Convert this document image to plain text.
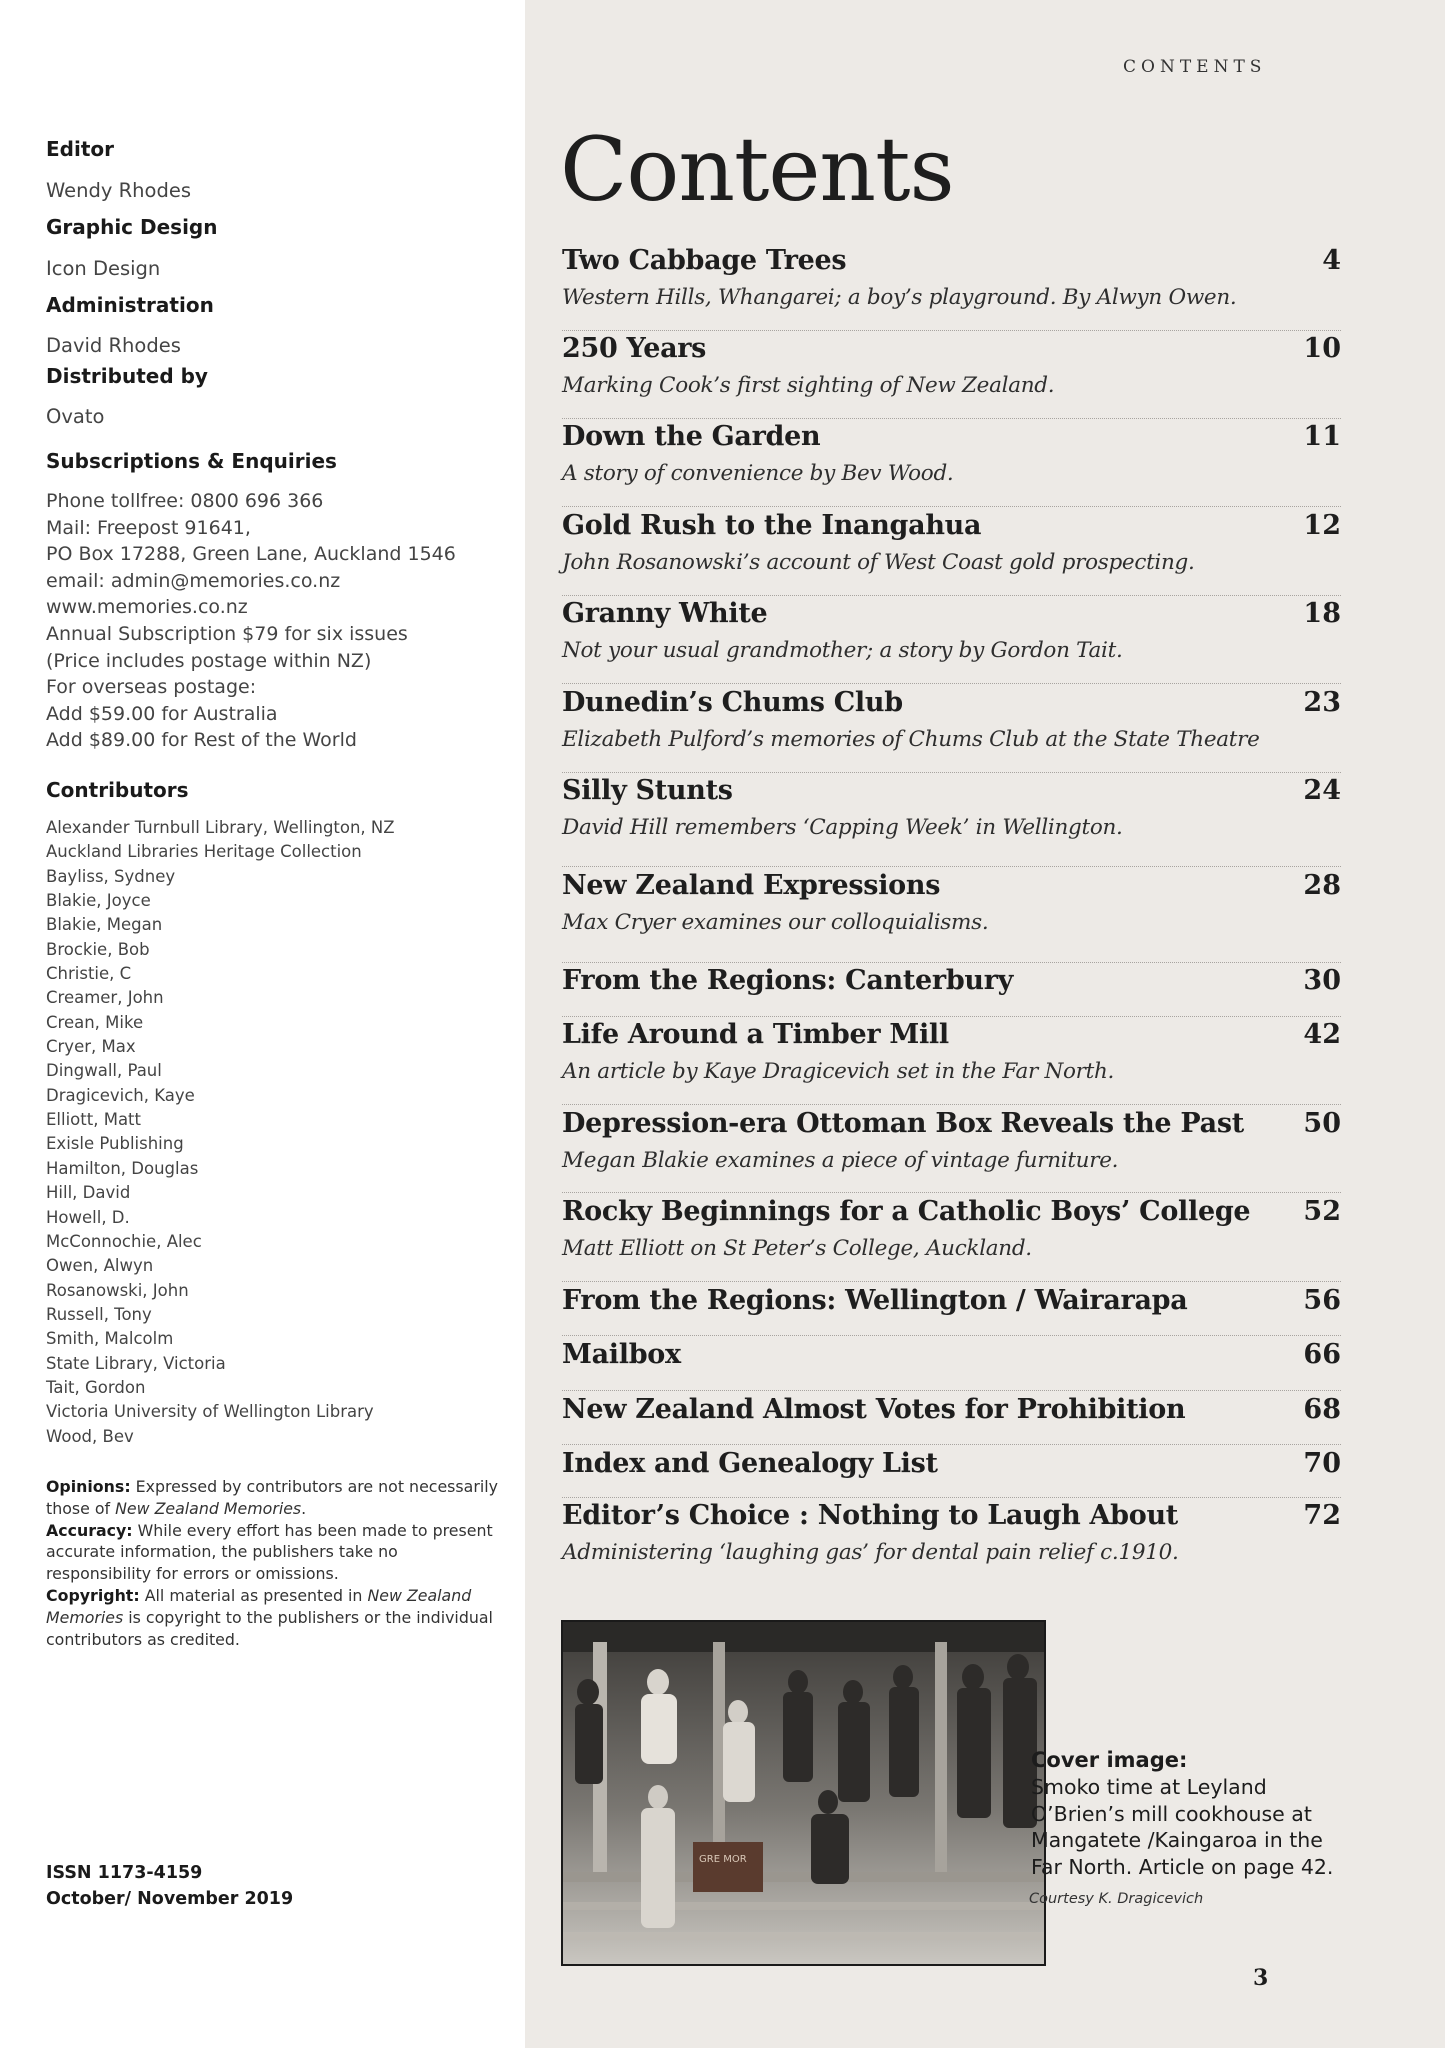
Editor
Wendy Rhodes
Graphic Design
Icon Design
Administration
David Rhodes
Distributed by
Ovato
Subscriptions & Enquiries
Phone tollfree: 0800 696 366
Mail: Freepost 91641,
PO Box 17288, Green Lane, Auckland 1546
email: admin@memories.co.nz
www.memories.co.nz
Annual Subscription $79 for six issues
(Price includes postage within NZ)
For overseas postage:
Add $59.00 for Australia
Add $89.00 for Rest of the World
Contributors
Alexander Turnbull Library, Wellington, NZ
Auckland Libraries Heritage Collection
Bayliss, Sydney
Blakie, Joyce
Blakie, Megan
Brockie, Bob
Christie, C
Creamer, John
Crean, Mike
Cryer, Max
Dingwall, Paul
Dragicevich, Kaye
Elliott, Matt
Exisle Publishing
Hamilton, Douglas
Hill, David
Howell, D.
McConnochie, Alec
Owen, Alwyn
Rosanowski, John
Russell, Tony
Smith, Malcolm
State Library, Victoria
Tait, Gordon
Victoria University of Wellington Library
Wood, Bev
Opinions: Expressed by contributors are not necessarily those of New Zealand Memories.
Accuracy: While every effort has been made to present accurate information, the publishers take no responsibility for errors or omissions.
Copyright: All material as presented in New Zealand Memories is copyright to the publishers or the individual contributors as credited.
ISSN 1173-4159
October/ November 2019
CONTENTS
Contents
Two Cabbage Trees	4
Western Hills, Whangarei; a boy’s playground. By Alwyn Owen.
250 Years	10
Marking Cook’s first sighting of New Zealand.
Down the Garden	11
A story of convenience by Bev Wood.
Gold Rush to the Inangahua	12
John Rosanowski’s account of West Coast gold prospecting.
Granny White	18
Not your usual grandmother; a story by Gordon Tait.
Dunedin’s Chums Club	23
Elizabeth Pulford’s memories of Chums Club at the State Theatre
Silly Stunts	24
David Hill remembers ‘Capping Week’ in Wellington.
New Zealand Expressions	28
Max Cryer examines our colloquialisms.
From the Regions: Canterbury	30
Life Around a Timber Mill	42
An article by Kaye Dragicevich set in the Far North.
Depression-era Ottoman Box Reveals the Past 50
Megan Blakie examines a piece of vintage furniture.
Rocky Beginnings for a Catholic Boys’ College 52
Matt Elliott on St Peter’s College, Auckland.
From the Regions: Wellington / Wairarapa	56
Mailbox	66
New Zealand Almost Votes for Prohibition	68
Index and Genealogy List	70
Editor’s Choice : Nothing to Laugh About	72
Administering ‘laughing gas’ for dental pain relief c.1910.
GRE MOR
Cover image:
Smoko time at Leyland
O’Brien’s mill cookhouse at
Mangatete /Kaingaroa in the
Far North. Article on page 42.
Courtesy K. Dragicevich
3
